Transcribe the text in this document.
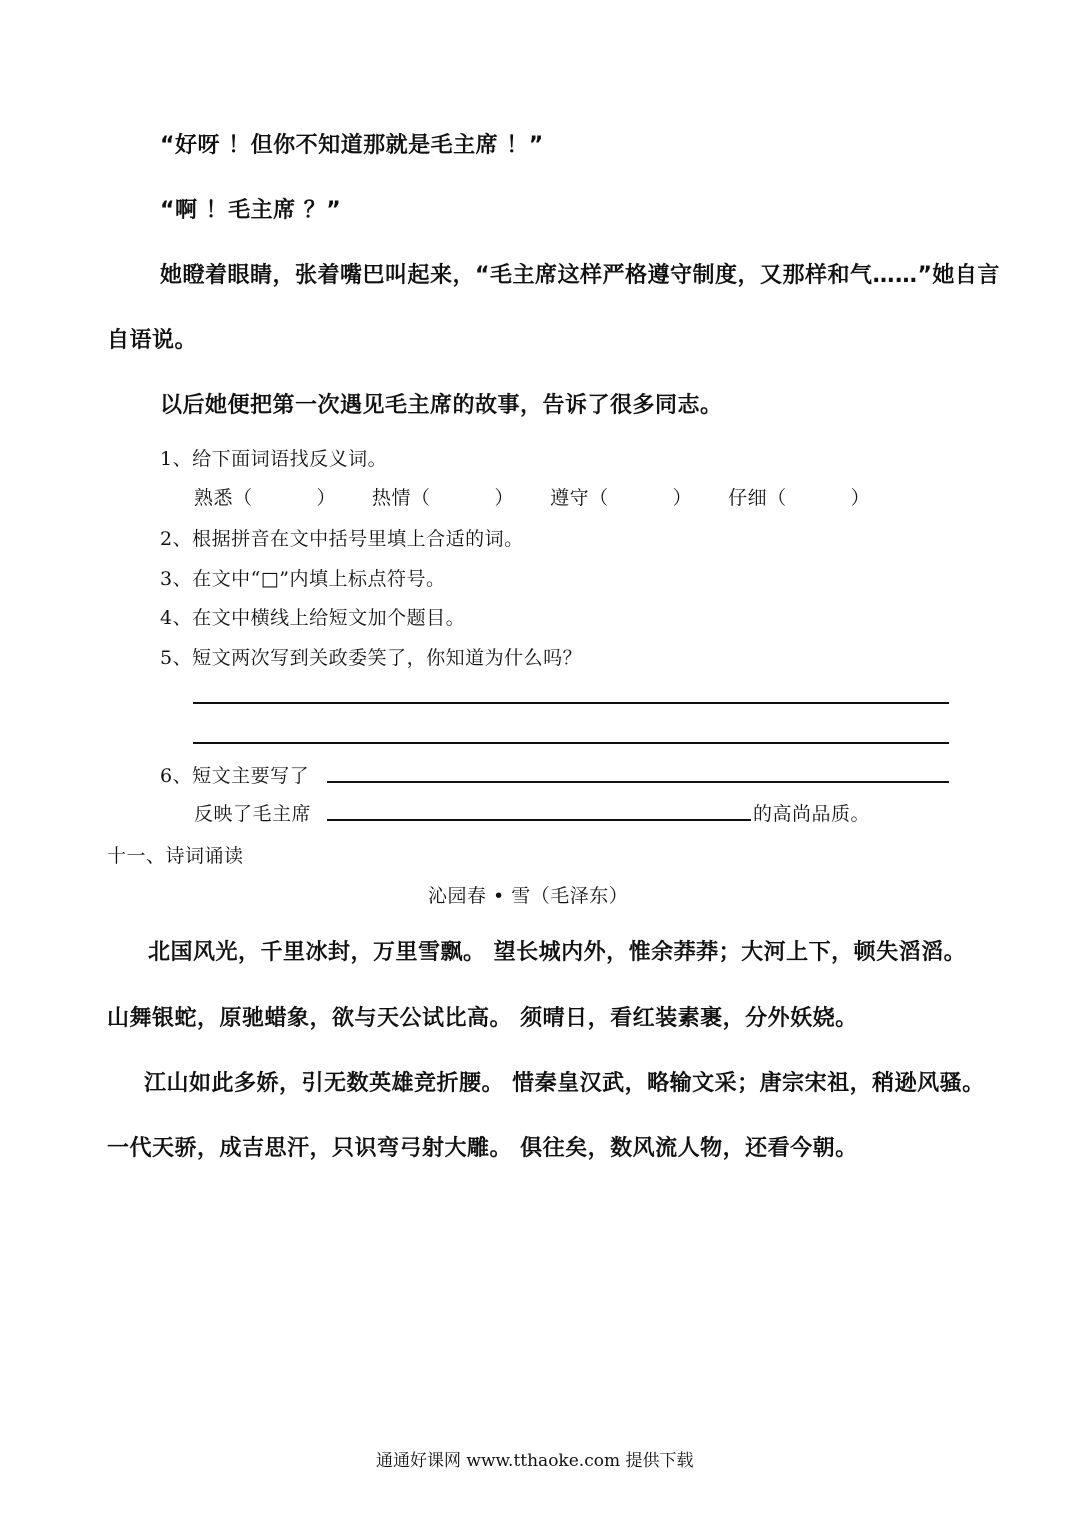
“好呀 ！但你不知道那就是毛主席 ！”
“啊 ！毛主席 ？”
她瞪着眼睛，张着嘴巴叫起来，“毛主席这样严格遵守制度，又那样和气……”她自言
自语说。
以后她便把第一次遇见毛主席的故事，告诉了很多同志。
1、给下面词语找反义词。
熟悉（	） 热情（	） 遵守（	） 仔细（	）
2、根据拼音在文中括号里填上合适的词。
3、在文中“□”内填上标点符号。
4、在文中横线上给短文加个题目。
5、短文两次写到关政委笑了，你知道为什么吗？
6、短文主要写了
反映了毛主席	的高尚品质。
十一、诗词诵读
沁园春 • 雪（毛泽东）
北国风光，千里冰封，万里雪飘。 望长城内外，惟余莽莽；大河上下，顿失滔滔。
山舞银蛇，原驰蜡象，欲与天公试比高。 须晴日，看红装素裹，分外妖娆。
江山如此多娇，引无数英雄竞折腰。 惜秦皇汉武，略输文采；唐宗宋祖，稍逊风骚。
一代天骄，成吉思汗，只识弯弓射大雕。 俱往矣，数风流人物，还看今朝。
通通好课网 www.tthaoke.com 提供下载
